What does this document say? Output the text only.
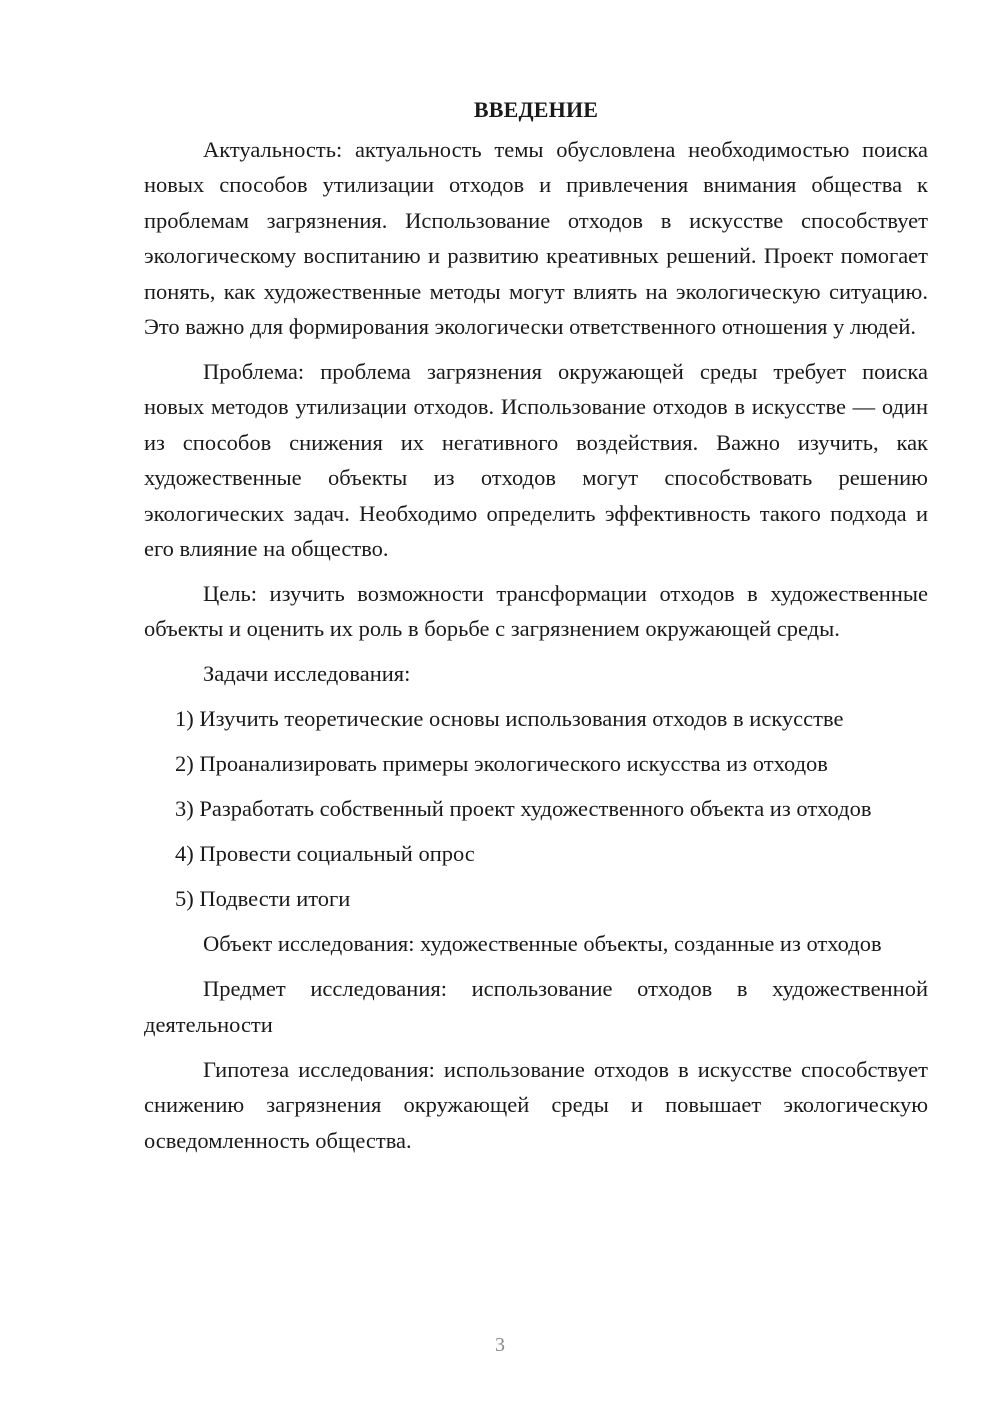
ВВЕДЕНИЕ

Актуальность: актуальность темы обусловлена необходимостью поиска новых способов утилизации отходов и привлечения внимания общества к проблемам загрязнения. Использование отходов в искусстве способствует экологическому воспитанию и развитию креативных решений. Проект помогает понять, как художественные методы могут влиять на экологическую ситуацию. Это важно для формирования экологически ответственного отношения у людей.

Проблема: проблема загрязнения окружающей среды требует поиска новых методов утилизации отходов. Использование отходов в искусстве — один из способов снижения их негативного воздействия. Важно изучить, как художественные объекты из отходов могут способствовать решению экологических задач. Необходимо определить эффективность такого подхода и его влияние на общество.

Цель: изучить возможности трансформации отходов в художественные объекты и оценить их роль в борьбе с загрязнением окружающей среды.

Задачи исследования:

1) Изучить теоретические основы использования отходов в искусстве

2) Проанализировать примеры экологического искусства из отходов

3) Разработать собственный проект художественного объекта из отходов

4) Провести социальный опрос

5) Подвести итоги

Объект исследования: художественные объекты, созданные из отходов

Предмет исследования: использование отходов в художественной деятельности

Гипотеза исследования: использование отходов в искусстве способствует снижению загрязнения окружающей среды и повышает экологическую осведомленность общества.

3
